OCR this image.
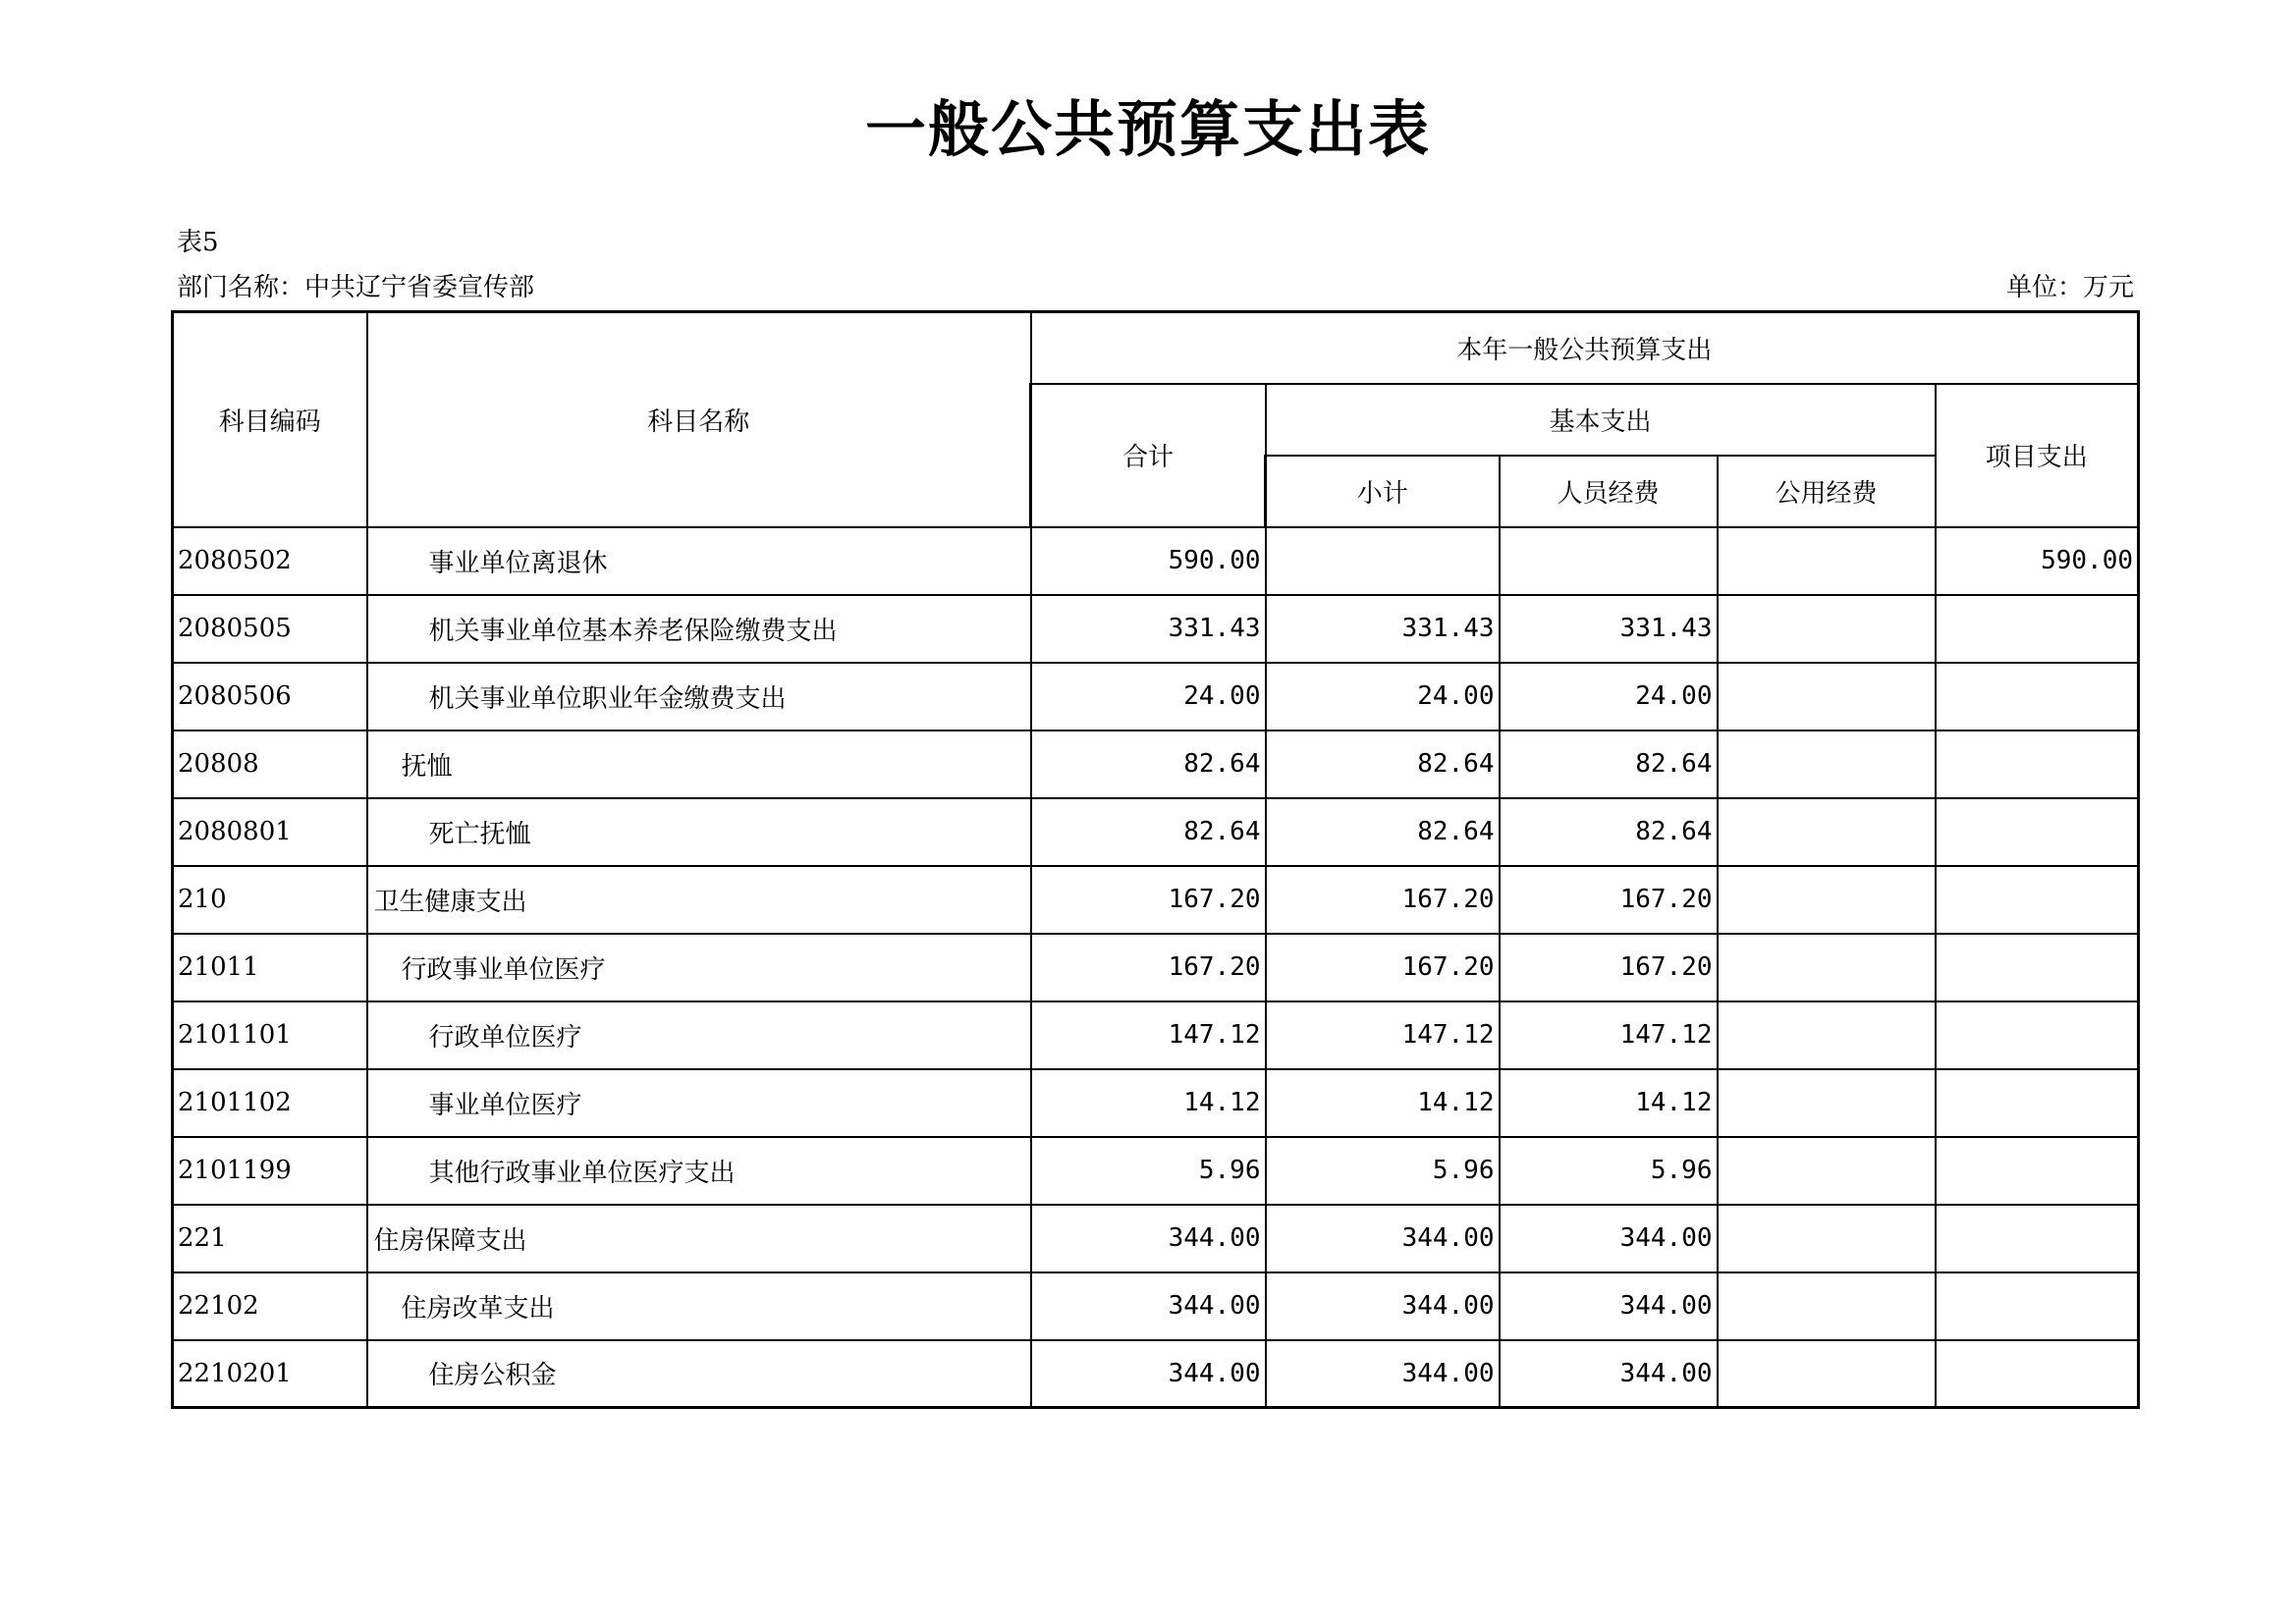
一般公共预算支出表
表5
部门名称：中共辽宁省委宣传部	单位：万元
科目编码	科目名称	本年一般公共预算支出				
		合计	基本支出			项目支出
			小计	人员经费	公用经费	
2080502	事业单位离退休	590.00				590.00
2080505	机关事业单位基本养老保险缴费支出	331.43	331.43	331.43		
2080506	机关事业单位职业年金缴费支出	24.00	24.00	24.00		
20808	抚恤	82.64	82.64	82.64		
2080801	死亡抚恤	82.64	82.64	82.64		
210	卫生健康支出	167.20	167.20	167.20		
21011	行政事业单位医疗	167.20	167.20	167.20		
2101101	行政单位医疗	147.12	147.12	147.12		
2101102	事业单位医疗	14.12	14.12	14.12		
2101199	其他行政事业单位医疗支出	5.96	5.96	5.96		
221	住房保障支出	344.00	344.00	344.00		
22102	住房改革支出	344.00	344.00	344.00		
2210201	住房公积金	344.00	344.00	344.00		
